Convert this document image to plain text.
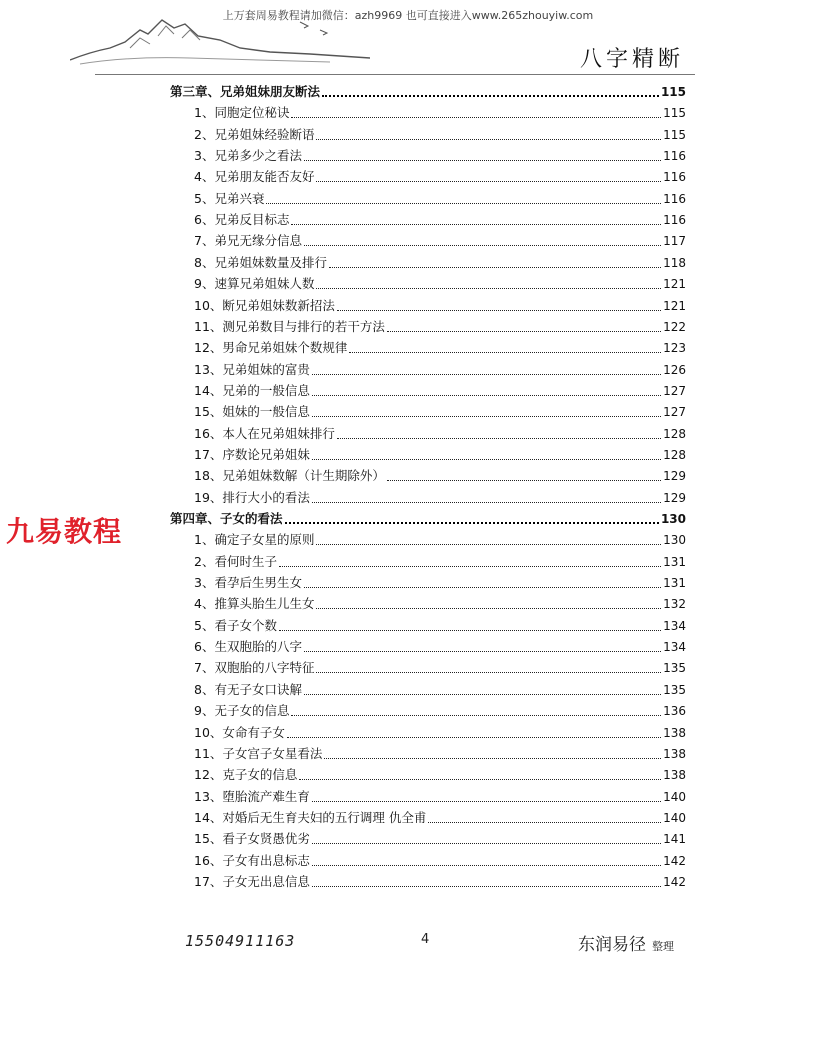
上万套周易教程请加微信：azh9969 也可直接进入www.265zhouyiw.com
八字精断
第三章、兄弟姐妹朋友断法	115
1、同胞定位秘诀	115
2、兄弟姐妹经验断语	115
3、兄弟多少之看法	116
4、兄弟朋友能否友好	116
5、兄弟兴衰	116
6、兄弟反目标志	116
7、弟兄无缘分信息	117
8、兄弟姐妹数量及排行	118
9、速算兄弟姐妹人数	121
10、断兄弟姐妹数新招法	121
11、测兄弟数目与排行的若干方法	122
12、男命兄弟姐妹个数规律	123
13、兄弟姐妹的富贵	126
14、兄弟的一般信息	127
15、姐妹的一般信息	127
16、本人在兄弟姐妹排行	128
17、序数论兄弟姐妹	128
18、兄弟姐妹数解（计生期除外）	129
19、排行大小的看法	129
第四章、子女的看法	130
1、确定子女星的原则	130
2、看何时生子	131
3、看孕后生男生女	131
4、推算头胎生儿生女	132
5、看子女个数	134
6、生双胞胎的八字	134
7、双胞胎的八字特征	135
8、有无子女口诀解	135
9、无子女的信息	136
10、女命有子女	138
11、子女宫子女星看法	138
12、克子女的信息	138
13、堕胎流产难生育	140
14、对婚后无生育夫妇的五行调理 仇全甫	140
15、看子女贤愚优劣	141
16、子女有出息标志	142
17、子女无出息信息	142
九易教程
15504911163	4	东润易径 整理
